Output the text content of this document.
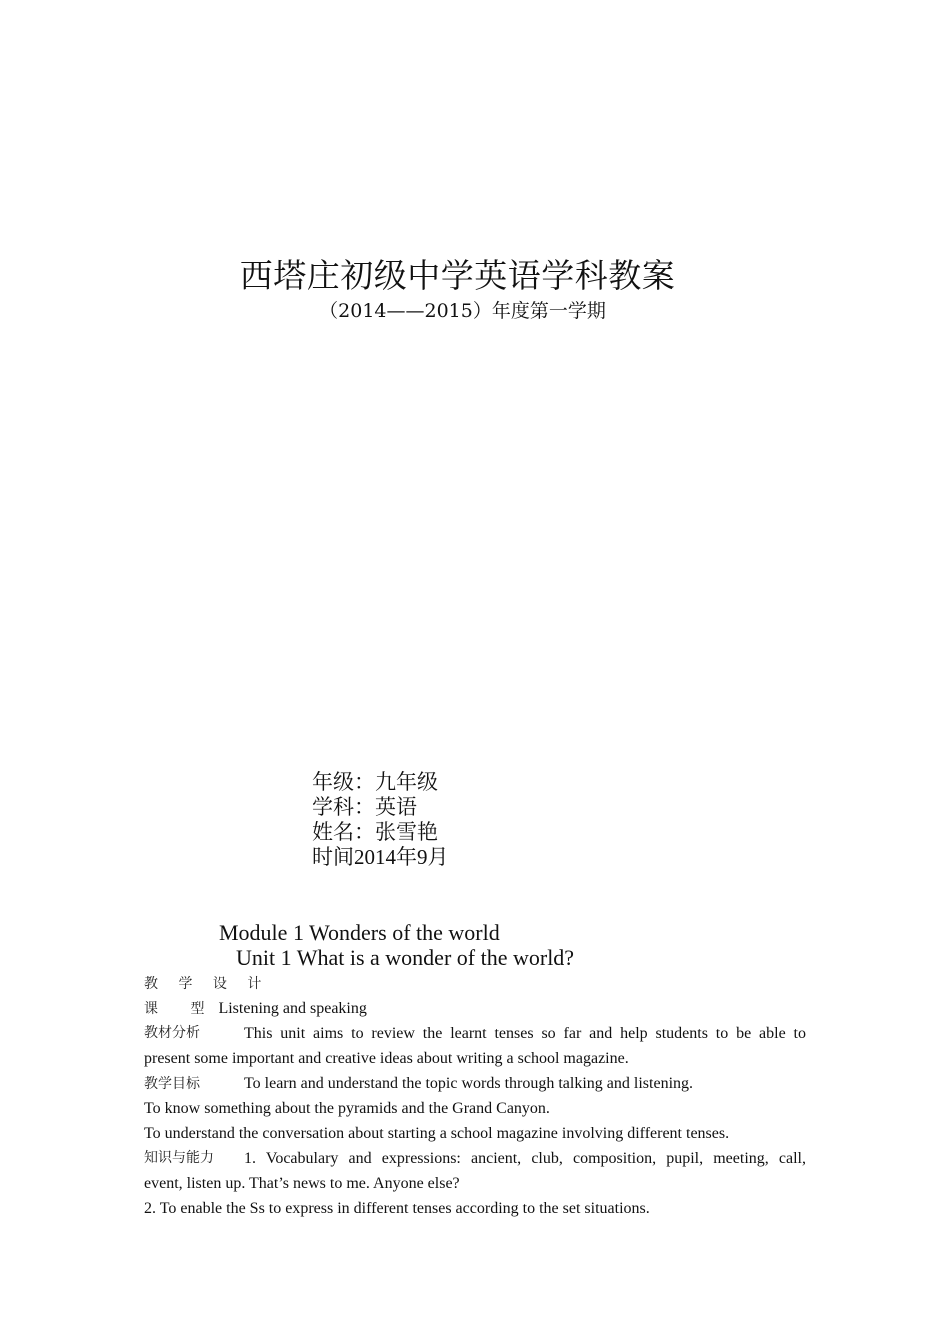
西塔庄初级中学英语学科教案
（2014——2015）年度第一学期
年级：九年级
学科：英语
姓名：张雪艳
时间2014年9月
Module 1 Wonders of the world
Unit 1 What is a wonder of the world?
教 学 设 计
课 型Listening and speaking
教材分析	This unit aims to review the learnt tenses so far and help students to be able to
present some important and creative ideas about writing a school magazine.
教学目标	To learn and understand the topic words through talking and listening.
To know something about the pyramids and the Grand Canyon.
To understand the conversation about starting a school magazine involving different tenses.
知识与能力	1. Vocabulary and expressions: ancient, club, composition, pupil, meeting, call,
event, listen up. That’s news to me. Anyone else?
2. To enable the Ss to express in different tenses according to the set situations.
